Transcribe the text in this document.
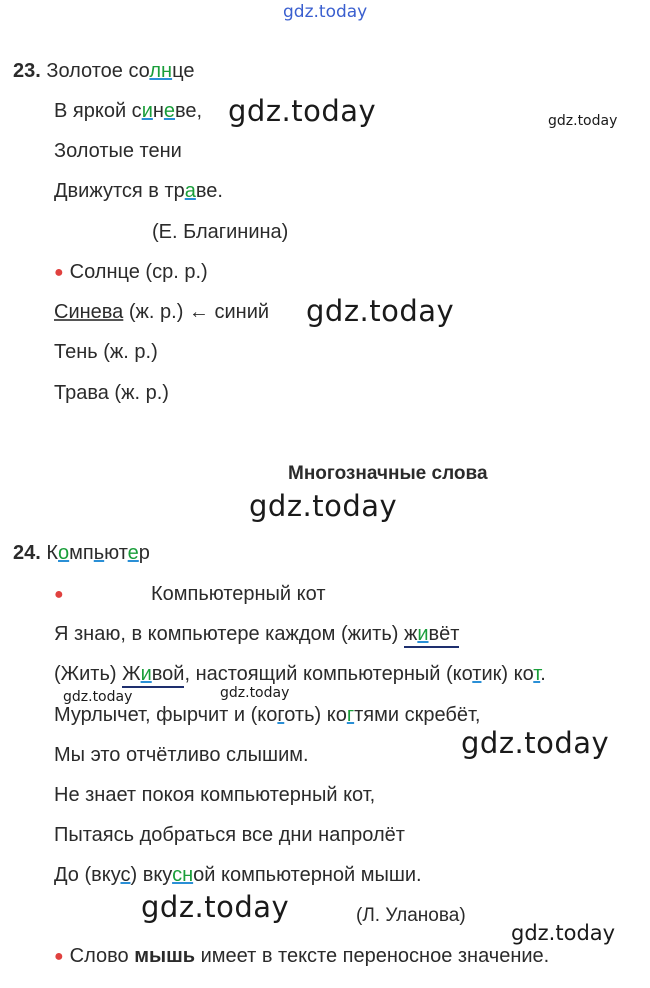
gdz.today
23. Золотое солнце
В яркой синеве, gdz.today	gdz.today
Золотые тени
Движутся в траве.
(Е. Благинина)
● Солнце (ср. р.)
Синева (ж. р.) ← синий gdz.today
Тень (ж. р.)
Трава (ж. р.)
Многозначные слова
gdz.today
24. Компьютер
●	Компьютерный кот
Я знаю, в компьютере каждом (жить) живёт
(Жить) Живой, настоящий компьютерный (котик) кот.
gdz.today	gdz.today
Мурлычет, фырчит и (коготь) когтями скребёт,
gdz.today
Мы это отчётливо слышим.
Не знает покоя компьютерный кот,
Пытаясь добраться все дни напролёт
До (вкус) вкусной компьютерной мыши.
gdz.today	(Л. Уланова)
gdz.today
● Слово мышь имеет в тексте переносное значение.
